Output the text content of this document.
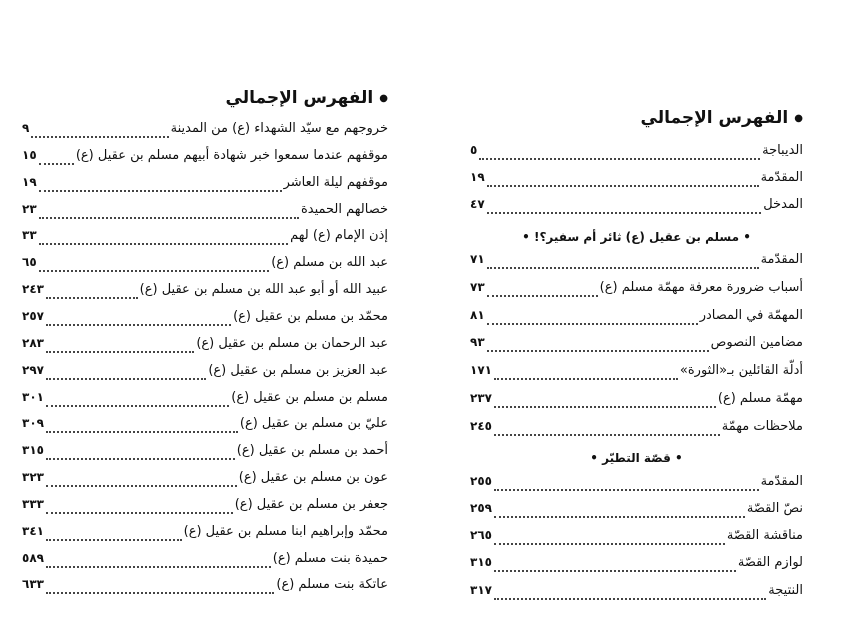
●الفهرس الإجمالي
خروجهم مع سيّد الشهداء (ع) من المدينة
٩
موقفهم عندما سمعوا خبر شهادة أبيهم مسلم بن عقيل (ع)
١٥
موقفهم ليلة العاشر
١٩
خصالهم الحميدة
٢٣
إذن الإمام (ع) لهم
٣٣
عبد الله بن مسلم (ع)
٦٥
عبيد الله أو أبو عبد الله بن مسلم بن عقيل (ع)
٢٤٣
محمّد بن مسلم بن عقيل (ع)
٢٥٧
عبد الرحمان بن مسلم بن عقيل (ع)
٢٨٣
عبد العزيز بن مسلم بن عقيل (ع)
٢٩٧
مسلم بن مسلم بن عقيل (ع)
٣٠١
عليّ بن مسلم بن عقيل (ع)
٣٠٩
أحمد بن مسلم بن عقيل (ع)
٣١٥
عون بن مسلم بن عقيل (ع)
٣٢٣
جعفر بن مسلم بن عقيل (ع)
٣٣٣
محمّد وإبراهيم ابنا مسلم بن عقيل (ع)
٣٤١
حميدة بنت مسلم (ع)
٥٨٩
عاتكة بنت مسلم (ع)
٦٣٣
●الفهرس الإجمالي
الديباجة
٥
المقدّمة
١٩
المدخل
٤٧
• مسلم بن عقيل (ع) ثائر أم سفير؟! •
المقدّمة
٧١
أسباب ضرورة معرفة مهمّة مسلم (ع)
٧٣
المهمّة في المصادر
٨١
مضامين النصوص
٩٣
أدلّة القائلين بـ«الثورة»
١٧١
مهمّة مسلم (ع)
٢٣٧
ملاحظات مهمّة
٢٤٥
• قصّة التطيّر •
المقدّمة
٢٥٥
نصّ القصّة
٢٥٩
مناقشة القصّة
٢٦٥
لوازم القصّة
٣١٥
النتيجة
٣١٧
